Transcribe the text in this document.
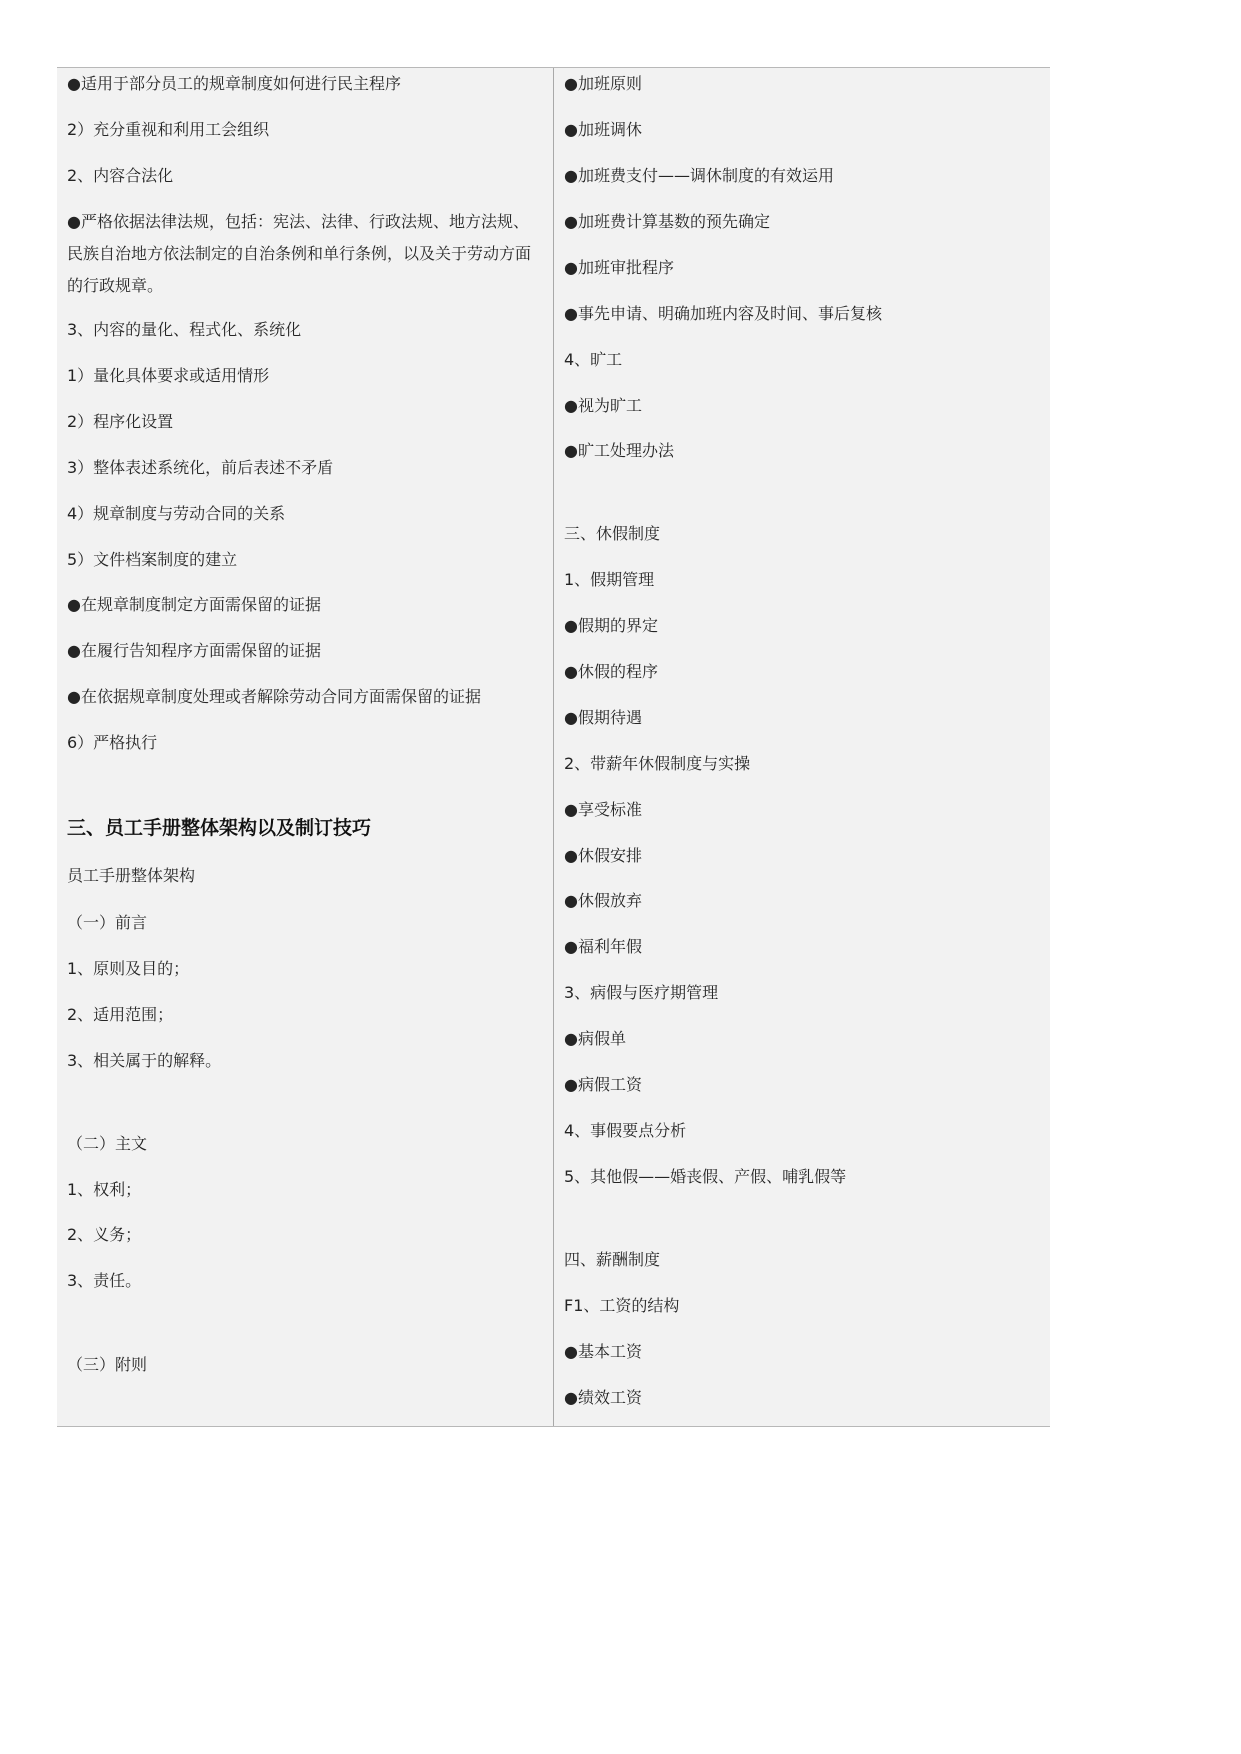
●适用于部分员工的规章制度如何进行民主程序
2）充分重视和利用工会组织
2、内容合法化
●严格依据法律法规，包括：宪法、法律、行政法规、地方法规、民族自治地方依法制定的自治条例和单行条例，以及关于劳动方面的行政规章。
3、内容的量化、程式化、系统化
1）量化具体要求或适用情形
2）程序化设置
3）整体表述系统化，前后表述不矛盾
4）规章制度与劳动合同的关系
5）文件档案制度的建立
●在规章制度制定方面需保留的证据
●在履行告知程序方面需保留的证据
●在依据规章制度处理或者解除劳动合同方面需保留的证据
6）严格执行
三、员工手册整体架构以及制订技巧
员工手册整体架构
（一）前言
1、原则及目的；
2、适用范围；
3、相关属于的解释。
（二）主文
1、权利；
2、义务；
3、责任。
（三）附则
●加班原则
●加班调休
●加班费支付——调休制度的有效运用
●加班费计算基数的预先确定
●加班审批程序
●事先申请、明确加班内容及时间、事后复核
4、旷工
●视为旷工
●旷工处理办法
三、休假制度
1、假期管理
●假期的界定
●休假的程序
●假期待遇
2、带薪年休假制度与实操
●享受标准
●休假安排
●休假放弃
●福利年假
3、病假与医疗期管理
●病假单
●病假工资
4、事假要点分析
5、其他假——婚丧假、产假、哺乳假等
四、薪酬制度
F1、工资的结构
●基本工资
●绩效工资
